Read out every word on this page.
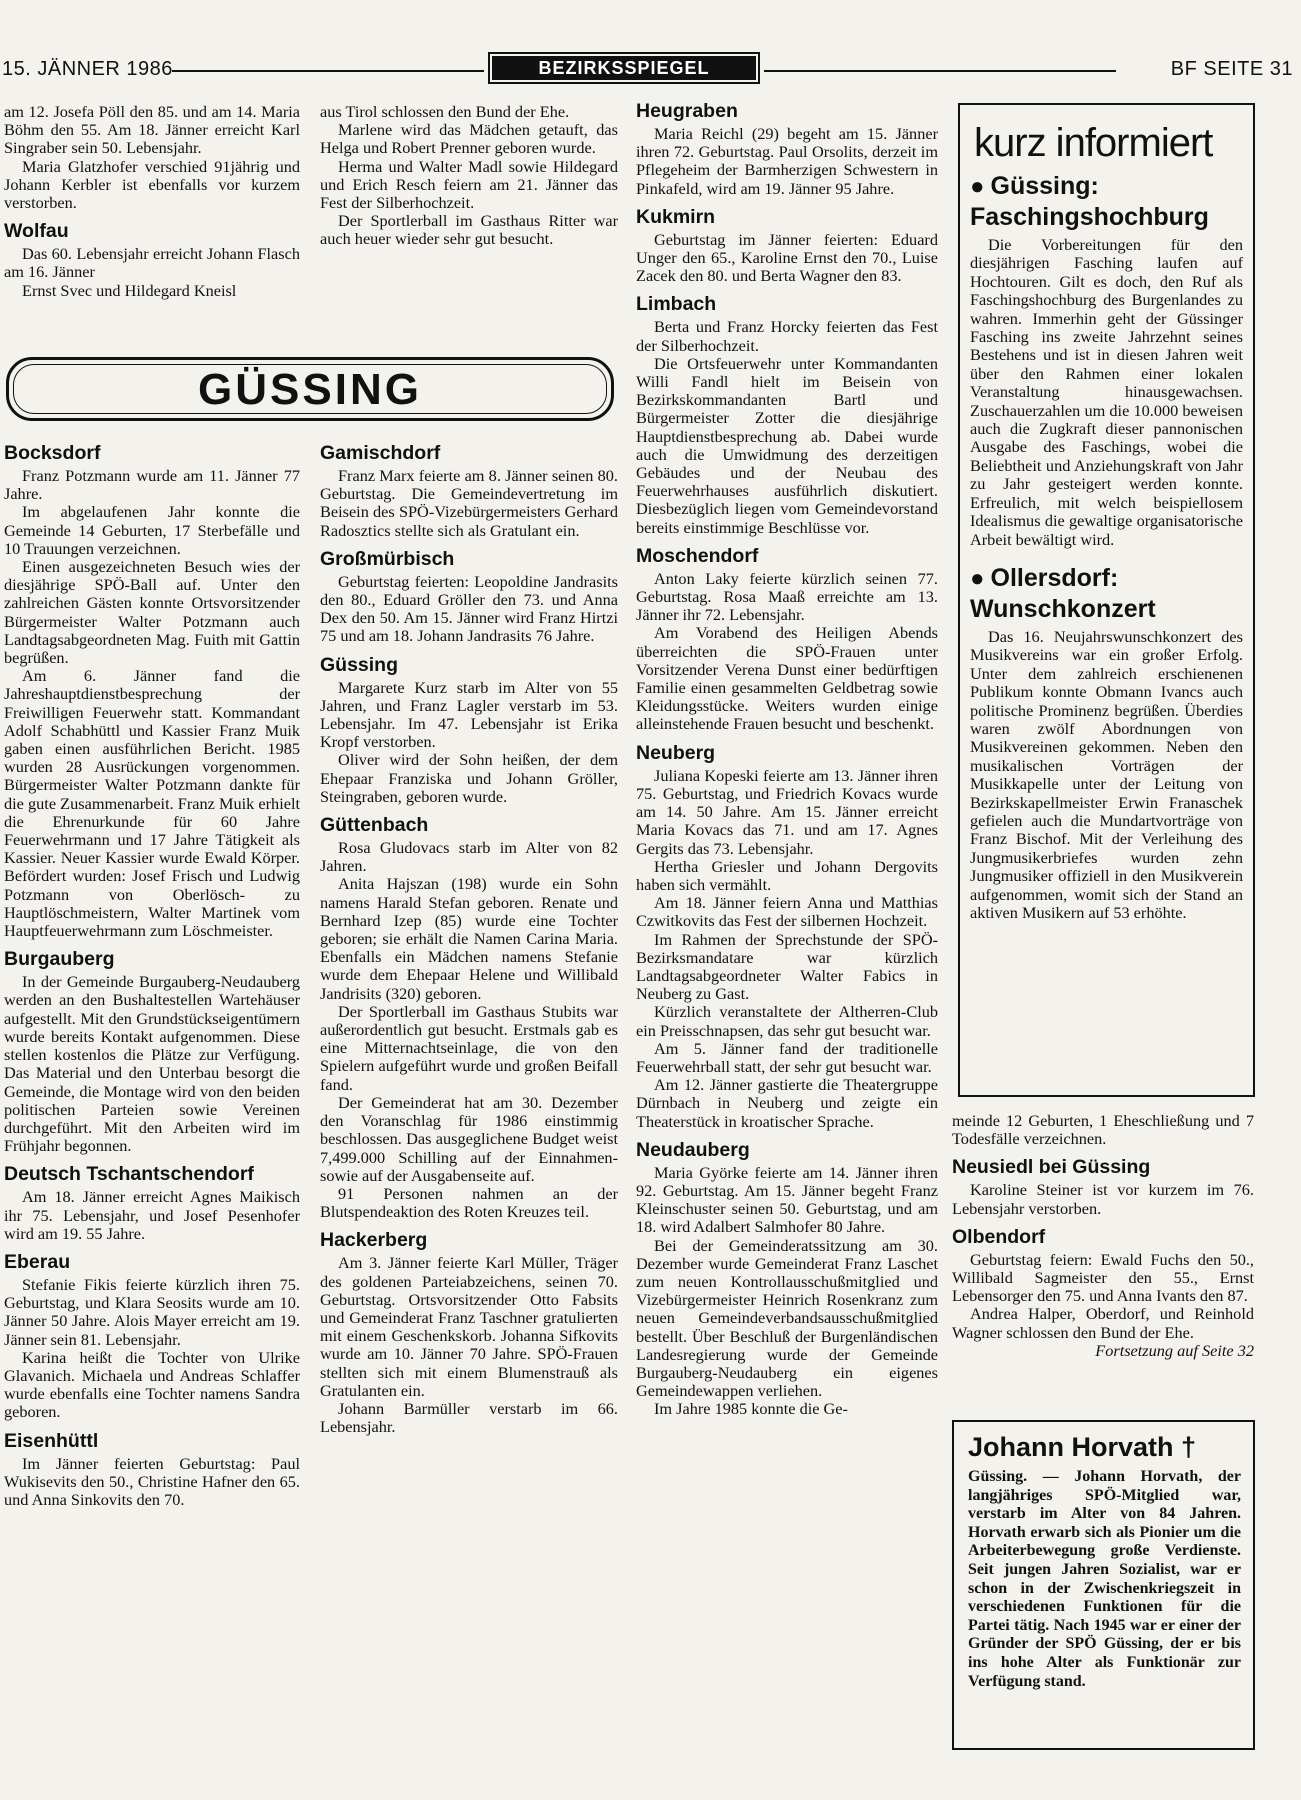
15. JÄNNER 1986	BEZIRKSSPIEGEL	BF SEITE 31

am 12. Josefa Pöll den 85. und am 14. Maria Böhm den 55. Am 18. Jänner erreicht Karl Singraber sein 50. Lebensjahr.

Maria Glatzhofer verschied 91jährig und Johann Kerbler ist ebenfalls vor kurzem verstorben.

Wolfau

Das 60. Lebensjahr erreicht Johann Flasch am 16. Jänner

Ernst Svec und Hildegard Kneisl

aus Tirol schlossen den Bund der Ehe.

Marlene wird das Mädchen getauft, das Helga und Robert Prenner geboren wurde.

Herma und Walter Madl sowie Hildegard und Erich Resch feiern am 21. Jänner das Fest der Silberhochzeit.

Der Sportlerball im Gasthaus Ritter war auch heuer wieder sehr gut besucht.

GÜSSING
Bocksdorf

Franz Potzmann wurde am 11. Jänner 77 Jahre.

Im abgelaufenen Jahr konnte die Gemeinde 14 Geburten, 17 Sterbefälle und 10 Trauungen verzeichnen.

Einen ausgezeichneten Besuch wies der diesjährige SPÖ-Ball auf. Unter den zahlreichen Gästen konnte Ortsvorsitzender Bürgermeister Walter Potzmann auch Landtagsabgeordneten Mag. Fuith mit Gattin begrüßen.

Am 6. Jänner fand die Jahreshauptdienstbesprechung der Freiwilligen Feuerwehr statt. Kommandant Adolf Schabhüttl und Kassier Franz Muik gaben einen ausführlichen Bericht. 1985 wurden 28 Ausrückungen vorgenommen. Bürgermeister Walter Potzmann dankte für die gute Zusammenarbeit. Franz Muik erhielt die Ehrenurkunde für 60 Jahre Feuerwehrmann und 17 Jahre Tätigkeit als Kassier. Neuer Kassier wurde Ewald Körper. Befördert wurden: Josef Frisch und Ludwig Potzmann von Oberlösch- zu Hauptlöschmeistern, Walter Martinek vom Hauptfeuerwehrmann zum Löschmeister.

Burgauberg

In der Gemeinde Burgauberg-Neudauberg werden an den Bushaltestellen Wartehäuser aufgestellt. Mit den Grundstückseigentümern wurde bereits Kontakt aufgenommen. Diese stellen kostenlos die Plätze zur Verfügung. Das Material und den Unterbau besorgt die Gemeinde, die Montage wird von den beiden politischen Parteien sowie Vereinen durchgeführt. Mit den Arbeiten wird im Frühjahr begonnen.

Deutsch Tschantschendorf

Am 18. Jänner erreicht Agnes Maikisch ihr 75. Lebensjahr, und Josef Pesenhofer wird am 19. 55 Jahre.

Eberau

Stefanie Fikis feierte kürzlich ihren 75. Geburtstag, und Klara Seosits wurde am 10. Jänner 50 Jahre. Alois Mayer erreicht am 19. Jänner sein 81. Lebensjahr.

Karina heißt die Tochter von Ulrike Glavanich. Michaela und Andreas Schlaffer wurde ebenfalls eine Tochter namens Sandra geboren.

Eisenhüttl

Im Jänner feierten Geburtstag: Paul Wukisevits den 50., Christine Hafner den 65. und Anna Sinkovits den 70.

Gamischdorf

Franz Marx feierte am 8. Jänner seinen 80. Geburtstag. Die Gemeindevertretung im Beisein des SPÖ-Vizebürgermeisters Gerhard Radosztics stellte sich als Gratulant ein.

Großmürbisch

Geburtstag feierten: Leopoldine Jandrasits den 80., Eduard Gröller den 73. und Anna Dex den 50. Am 15. Jänner wird Franz Hirtzi 75 und am 18. Johann Jandrasits 76 Jahre.

Güssing

Margarete Kurz starb im Alter von 55 Jahren, und Franz Lagler verstarb im 53. Lebensjahr. Im 47. Lebensjahr ist Erika Kropf verstorben.

Oliver wird der Sohn heißen, der dem Ehepaar Franziska und Johann Gröller, Steingraben, geboren wurde.

Güttenbach

Rosa Gludovacs starb im Alter von 82 Jahren.

Anita Hajszan (198) wurde ein Sohn namens Harald Stefan geboren. Renate und Bernhard Izep (85) wurde eine Tochter geboren; sie erhält die Namen Carina Maria. Ebenfalls ein Mädchen namens Stefanie wurde dem Ehepaar Helene und Willibald Jandrisits (320) geboren.

Der Sportlerball im Gasthaus Stubits war außerordentlich gut besucht. Erstmals gab es eine Mitternachtseinlage, die von den Spielern aufgeführt wurde und großen Beifall fand.

Der Gemeinderat hat am 30. Dezember den Voranschlag für 1986 einstimmig beschlossen. Das ausgeglichene Budget weist 7,499.000 Schilling auf der Einnahmen- sowie auf der Ausgabenseite auf.

91 Personen nahmen an der Blutspendeaktion des Roten Kreuzes teil.

Hackerberg

Am 3. Jänner feierte Karl Müller, Träger des goldenen Parteiabzeichens, seinen 70. Geburtstag. Ortsvorsitzender Otto Fabsits und Gemeinderat Franz Taschner gratulierten mit einem Geschenkskorb. Johanna Sifkovits wurde am 10. Jänner 70 Jahre. SPÖ-Frauen stellten sich mit einem Blumenstrauß als Gratulanten ein.

Johann Barmüller verstarb im 66. Lebensjahr.

Heugraben

Maria Reichl (29) begeht am 15. Jänner ihren 72. Geburtstag. Paul Orsolits, derzeit im Pflegeheim der Barmherzigen Schwestern in Pinkafeld, wird am 19. Jänner 95 Jahre.

Kukmirn

Geburtstag im Jänner feierten: Eduard Unger den 65., Karoline Ernst den 70., Luise Zacek den 80. und Berta Wagner den 83.

Limbach

Berta und Franz Horcky feierten das Fest der Silberhochzeit.

Die Ortsfeuerwehr unter Kommandanten Willi Fandl hielt im Beisein von Bezirkskommandanten Bartl und Bürgermeister Zotter die diesjährige Hauptdienstbesprechung ab. Dabei wurde auch die Umwidmung des derzeitigen Gebäudes und der Neubau des Feuerwehrhauses ausführlich diskutiert. Diesbezüglich liegen vom Gemeindevorstand bereits einstimmige Beschlüsse vor.

Moschendorf

Anton Laky feierte kürzlich seinen 77. Geburtstag. Rosa Maaß erreichte am 13. Jänner ihr 72. Lebensjahr.

Am Vorabend des Heiligen Abends überreichten die SPÖ-Frauen unter Vorsitzender Verena Dunst einer bedürftigen Familie einen gesammelten Geldbetrag sowie Kleidungsstücke. Weiters wurden einige alleinstehende Frauen besucht und beschenkt.

Neuberg

Juliana Kopeski feierte am 13. Jänner ihren 75. Geburtstag, und Friedrich Kovacs wurde am 14. 50 Jahre. Am 15. Jänner erreicht Maria Kovacs das 71. und am 17. Agnes Gergits das 73. Lebensjahr.

Hertha Griesler und Johann Dergovits haben sich vermählt.

Am 18. Jänner feiern Anna und Matthias Czwitkovits das Fest der silbernen Hochzeit.

Im Rahmen der Sprechstunde der SPÖ-Bezirksmandatare war kürzlich Landtagsabgeordneter Walter Fabics in Neuberg zu Gast.

Kürzlich veranstaltete der Altherren-Club ein Preisschnapsen, das sehr gut besucht war.

Am 5. Jänner fand der traditionelle Feuerwehrball statt, der sehr gut besucht war.

Am 12. Jänner gastierte die Theatergruppe Dürnbach in Neuberg und zeigte ein Theaterstück in kroatischer Sprache.

Neudauberg

Maria Györke feierte am 14. Jänner ihren 92. Geburtstag. Am 15. Jänner begeht Franz Kleinschuster seinen 50. Geburtstag, und am 18. wird Adalbert Salmhofer 80 Jahre.

Bei der Gemeinderatssitzung am 30. Dezember wurde Gemeinderat Franz Laschet zum neuen Kontrollausschußmitglied und Vizebürgermeister Heinrich Rosenkranz zum neuen Gemeindeverbandsausschußmitglied bestellt. Über Beschluß der Burgenländischen Landesregierung wurde der Gemeinde Burgauberg-Neudauberg ein eigenes Gemeindewappen verliehen.

Im Jahre 1985 konnte die Ge-

kurz informiert
● Güssing: Faschingshochburg

Die Vorbereitungen für den diesjährigen Fasching laufen auf Hochtouren. Gilt es doch, den Ruf als Faschingshochburg des Burgenlandes zu wahren. Immerhin geht der Güssinger Fasching ins zweite Jahrzehnt seines Bestehens und ist in diesen Jahren weit über den Rahmen einer lokalen Veranstaltung hinausgewachsen. Zuschauerzahlen um die 10.000 beweisen auch die Zugkraft dieser pannonischen Ausgabe des Faschings, wobei die Beliebtheit und Anziehungskraft von Jahr zu Jahr gesteigert werden konnte. Erfreulich, mit welch beispiellosem Idealismus die gewaltige organisatorische Arbeit bewältigt wird.

● Ollersdorf: Wunschkonzert

Das 16. Neujahrswunschkonzert des Musikvereins war ein großer Erfolg. Unter dem zahlreich erschienenen Publikum konnte Obmann Ivancs auch politische Prominenz begrüßen. Überdies waren zwölf Abordnungen von Musikvereinen gekommen. Neben den musikalischen Vorträgen der Musikkapelle unter der Leitung von Bezirkskapellmeister Erwin Franaschek gefielen auch die Mundartvorträge von Franz Bischof. Mit der Verleihung des Jungmusikerbriefes wurden zehn Jungmusiker offiziell in den Musikverein aufgenommen, womit sich der Stand an aktiven Musikern auf 53 erhöhte.

meinde 12 Geburten, 1 Eheschließung und 7 Todesfälle verzeichnen.

Neusiedl bei Güssing

Karoline Steiner ist vor kurzem im 76. Lebensjahr verstorben.

Olbendorf

Geburtstag feiern: Ewald Fuchs den 50., Willibald Sagmeister den 55., Ernst Lebensorger den 75. und Anna Ivants den 87.

Andrea Halper, Oberdorf, und Reinhold Wagner schlossen den Bund der Ehe.

Fortsetzung auf Seite 32

Johann Horvath †
Güssing. — Johann Horvath, der langjähriges SPÖ-Mitglied war, verstarb im Alter von 84 Jahren. Horvath erwarb sich als Pionier um die Arbeiterbewegung große Verdienste. Seit jungen Jahren Sozialist, war er schon in der Zwischenkriegszeit in verschiedenen Funktionen für die Partei tätig. Nach 1945 war er einer der Gründer der SPÖ Güssing, der er bis ins hohe Alter als Funktionär zur Verfügung stand.
